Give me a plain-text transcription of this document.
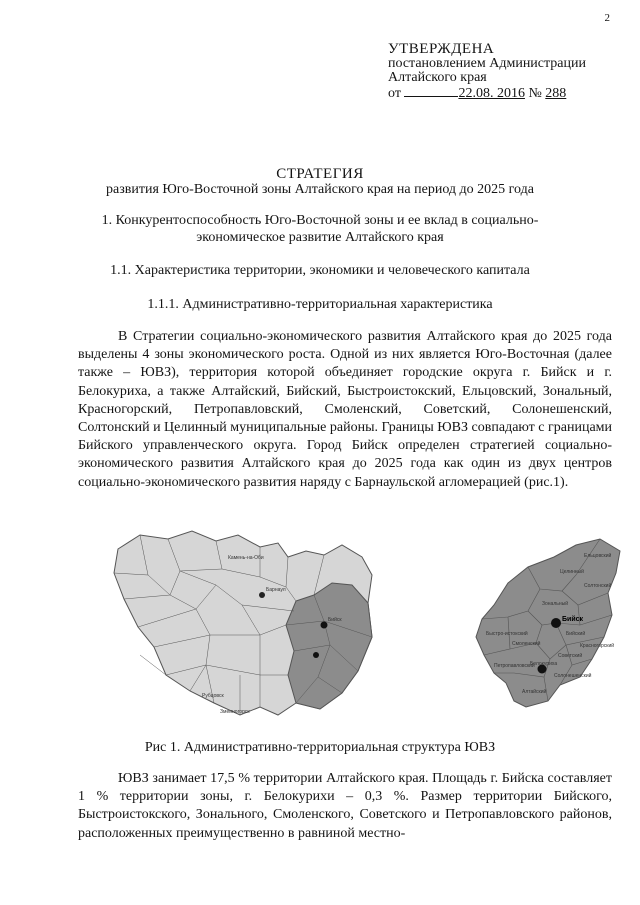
2
УТВЕРЖДЕНА
постановлением Администрации
Алтайского края
от	22.08. 2016 № 288
СТРАТЕГИЯ
развития Юго-Восточной зоны Алтайского края на период до 2025 года
1. Конкурентоспособность Юго-Восточной зоны и ее вклад в социально-
экономическое развитие Алтайского края
1.1. Характеристика территории, экономики и человеческого капитала
1.1.1. Административно-территориальная характеристика

В Стратегии социально-экономического развития Алтайского края до 2025 года выделены 4 зоны экономического роста. Одной из них является Юго-Восточная (далее также – ЮВЗ), территория которой объединяет городские округа г. Бийск и г. Белокуриха, а также Алтайский, Бийский, Быстроистокский, Ельцовский, Зональный, Красногорский, Петропавловский, Смоленский, Советский, Солонешенский, Солтонский и Целинный муниципальные районы. Границы ЮВЗ совпадают с границами Бийского управленческого округа. Город Бийск определен стратегией социально-экономического развития Алтайского края до 2025 года как один из двух центров социально-экономического развития наряду с Барнаульской агломерацией (рис.1).

Барнаул
Бийск
Рубцовск
Камень-на-Оби
Змеиногорск
Бийск
Белокуриха
Ельцовский
Целинный
Солтонский
Зональный
Бийский
Красногорский
Советский
Смоленский
Быстро-истокский
Петропавловский
Алтайский
Солонешенский
Рис 1. Административно-территориальная структура ЮВЗ

ЮВЗ занимает 17,5 % территории Алтайского края. Площадь г. Бийска составляет 1 % территории зоны, г. Белокурихи – 0,3 %. Размер территории Бийского, Быстроистокского, Зонального, Смоленского, Советского и Петропавловского районов, расположенных преимущественно в равниной местно-
